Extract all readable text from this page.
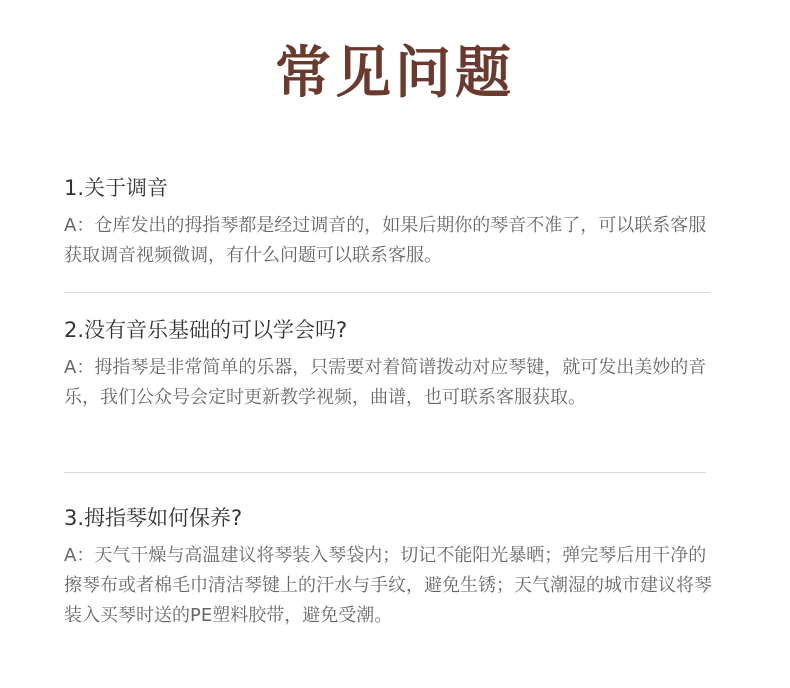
常见问题

1.关于调音

A：仓库发出的拇指琴都是经过调音的，如果后期你的琴音不准了，可以联系客服获取调音视频微调，有什么问题可以联系客服。

2.没有音乐基础的可以学会吗?

A：拇指琴是非常简单的乐器，只需要对着简谱拨动对应琴键，就可发出美妙的音乐，我们公众号会定时更新教学视频，曲谱，也可联系客服获取。

3.拇指琴如何保养?

A：天气干燥与高温建议将琴装入琴袋内；切记不能阳光暴晒；弹完琴后用干净的擦琴布或者棉毛巾清洁琴键上的汗水与手纹，避免生锈；天气潮湿的城市建议将琴装入买琴时送的PE塑料胶带，避免受潮。
